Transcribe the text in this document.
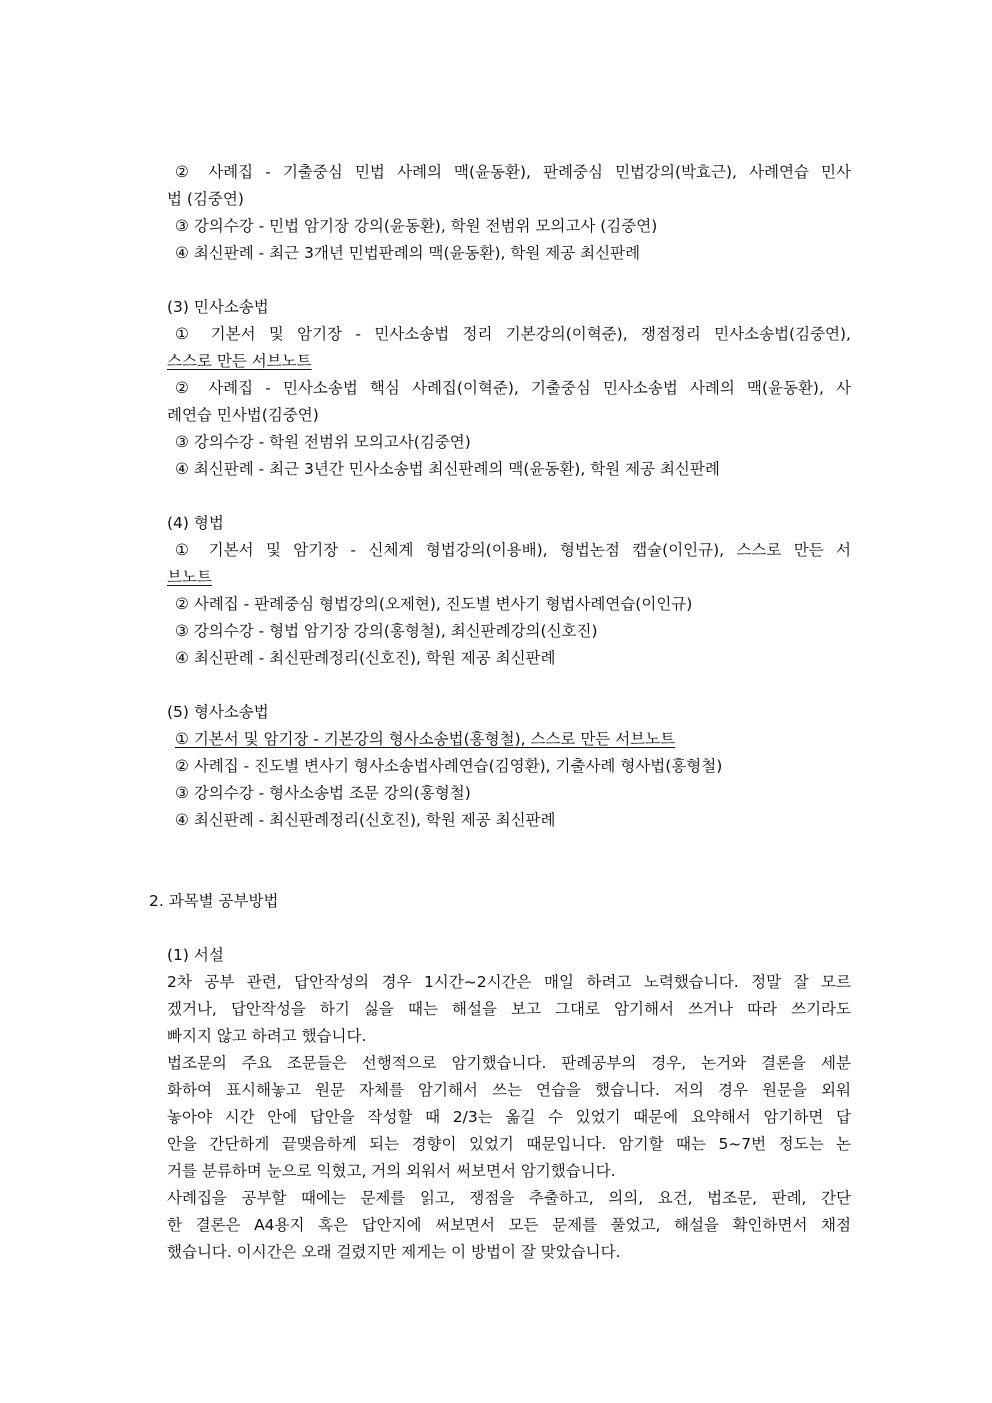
② 사례집 - 기출중심 민법 사례의 맥(윤동환), 판례중심 민법강의(박효근), 사례연습 민사
법 (김중연)
③ 강의수강 - 민법 암기장 강의(윤동환), 학원 전범위 모의고사 (김중연)
④ 최신판례 - 최근 3개년 민법판례의 맥(윤동환), 학원 제공 최신판례
(3) 민사소송법
① 기본서 및 암기장 - 민사소송법 정리 기본강의(이혁준), 쟁점정리 민사소송법(김중연),
스스로 만든 서브노트
② 사례집 - 민사소송법 핵심 사례집(이혁준), 기출중심 민사소송법 사례의 맥(윤동환), 사
례연습 민사법(김중연)
③ 강의수강 - 학원 전범위 모의고사(김중연)
④ 최신판례 - 최근 3년간 민사소송법 최신판례의 맥(윤동환), 학원 제공 최신판례
(4) 형법
① 기본서 및 암기장 - 신체계 형법강의(이용배), 형법논점 캡슐(이인규), 스스로 만든 서
브노트
② 사례집 - 판례중심 형법강의(오제현), 진도별 변사기 형법사례연습(이인규)
③ 강의수강 - 형법 암기장 강의(홍형철), 최신판례강의(신호진)
④ 최신판례 - 최신판례정리(신호진), 학원 제공 최신판례
(5) 형사소송법
① 기본서 및 암기장 - 기본강의 형사소송법(홍형철), 스스로 만든 서브노트
② 사례집 - 진도별 변사기 형사소송법사례연습(김영환), 기출사례 형사법(홍형철)
③ 강의수강 - 형사소송법 조문 강의(홍형철)
④ 최신판례 - 최신판례정리(신호진), 학원 제공 최신판례
2. 과목별 공부방법
(1) 서설
2차 공부 관련, 답안작성의 경우 1시간~2시간은 매일 하려고 노력했습니다. 정말 잘 모르
겠거나, 답안작성을 하기 싫을 때는 해설을 보고 그대로 암기해서 쓰거나 따라 쓰기라도
빠지지 않고 하려고 했습니다.
법조문의 주요 조문들은 선행적으로 암기했습니다. 판례공부의 경우, 논거와 결론을 세분
화하여 표시해놓고 원문 자체를 암기해서 쓰는 연습을 했습니다. 저의 경우 원문을 외워
놓아야 시간 안에 답안을 작성할 때 2/3는 옮길 수 있었기 때문에 요약해서 암기하면 답
안을 간단하게 끝맺음하게 되는 경향이 있었기 때문입니다. 암기할 때는 5~7번 정도는 논
거를 분류하며 눈으로 익혔고, 거의 외워서 써보면서 암기했습니다.
사례집을 공부할 때에는 문제를 읽고, 쟁점을 추출하고, 의의, 요건, 법조문, 판례, 간단
한 결론은 A4용지 혹은 답안지에 써보면서 모든 문제를 풀었고, 해설을 확인하면서 채점
했습니다. 이시간은 오래 걸렸지만 제게는 이 방법이 잘 맞았습니다.
